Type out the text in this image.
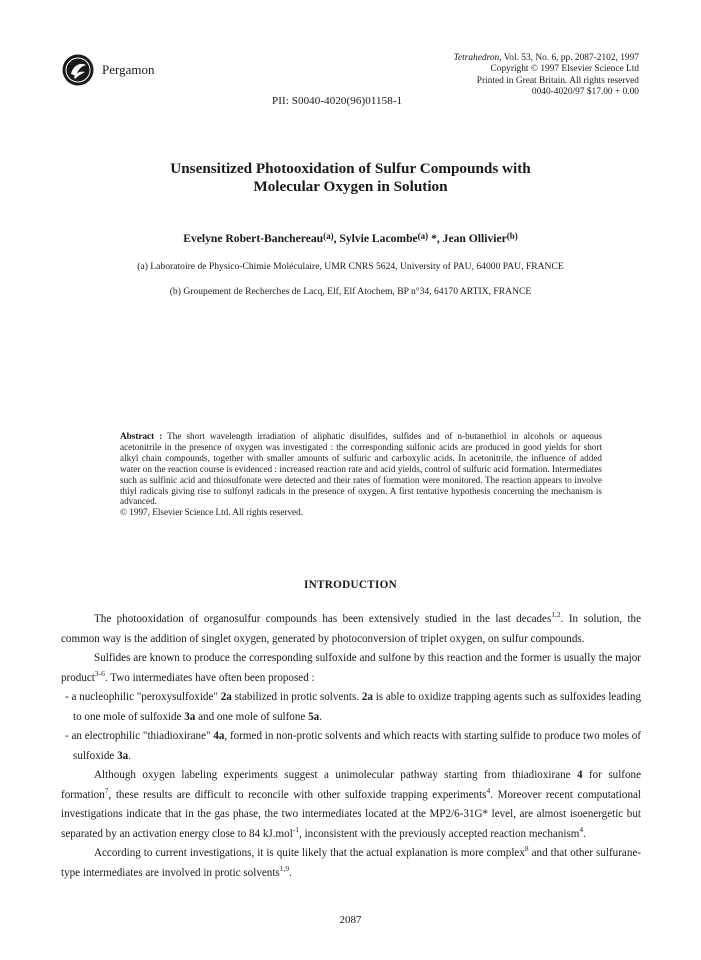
Pergamon
Tetrahedron, Vol. 53, No. 6, pp. 2087-2102, 1997
Copyright © 1997 Elsevier Science Ltd
Printed in Great Britain. All rights reserved
0040-4020/97 $17.00 + 0.00
PII: S0040-4020(96)01158-1
Unsensitized Photooxidation of Sulfur Compounds with
Molecular Oxygen in Solution
Evelyne Robert-Banchereau$^{(a)}$, Sylvie Lacombe$^{(a)}$ *, Jean Ollivier$^{(b)}$
(a) Laboratoire de Physico-Chimie Moléculaire, UMR CNRS 5624, University of PAU, 64000 PAU, FRANCE
(b) Groupement de Recherches de Lacq, Elf, Elf Atochem, BP n°34, 64170 ARTIX, FRANCE
Abstract : The short wavelength irradiation of aliphatic disulfides, sulfides and of n-butanethiol in alcohols or aqueous acetonitrile in the presence of oxygen was investigated : the corresponding sulfonic acids are produced in good yields for short alkyl chain compounds, together with smaller amounts of sulfuric and carboxylic acids. In acetonitrile, the influence of added water on the reaction course is evidenced : increased reaction rate and acid yields, control of sulfuric acid formation. Intermediates such as sulfinic acid and thiosulfonate were detected and their rates of formation were monitored. The reaction appears to involve thiyl radicals giving rise to sulfonyl radicals in the presence of oxygen. A first tentative hypothesis concerning the mechanism is advanced.
© 1997, Elsevier Science Ltd. All rights reserved.
INTRODUCTION

The photooxidation of organosulfur compounds has been extensively studied in the last decades$^{1,2}$. In solution, the common way is the addition of singlet oxygen, generated by photoconversion of triplet oxygen, on sulfur compounds.

Sulfides are known to produce the corresponding sulfoxide and sulfone by this reaction and the former is usually the major product$^{3-6}$. Two intermediates have often been proposed :

- a nucleophilic "peroxysulfoxide" 2a stabilized in protic solvents. 2a is able to oxidize trapping agents such as sulfoxides leading to one mole of sulfoxide 3a and one mole of sulfone 5a.

- an electrophilic "thiadioxirane" 4a, formed in non-protic solvents and which reacts with starting sulfide to produce two moles of sulfoxide 3a.

Although oxygen labeling experiments suggest a unimolecular pathway starting from thiadioxirane 4 for sulfone formation$^7$, these results are difficult to reconcile with other sulfoxide trapping experiments$^4$. Moreover recent computational investigations indicate that in the gas phase, the two intermediates located at the MP2/6-31G* level, are almost isoenergetic but separated by an activation energy close to 84 kJ.mol$^{-1}$, inconsistent with the previously accepted reaction mechanism$^4$.

According to current investigations, it is quite likely that the actual explanation is more complex$^8$ and that other sulfurane-type intermediates are involved in protic solvents$^{1,9}$.

2087
